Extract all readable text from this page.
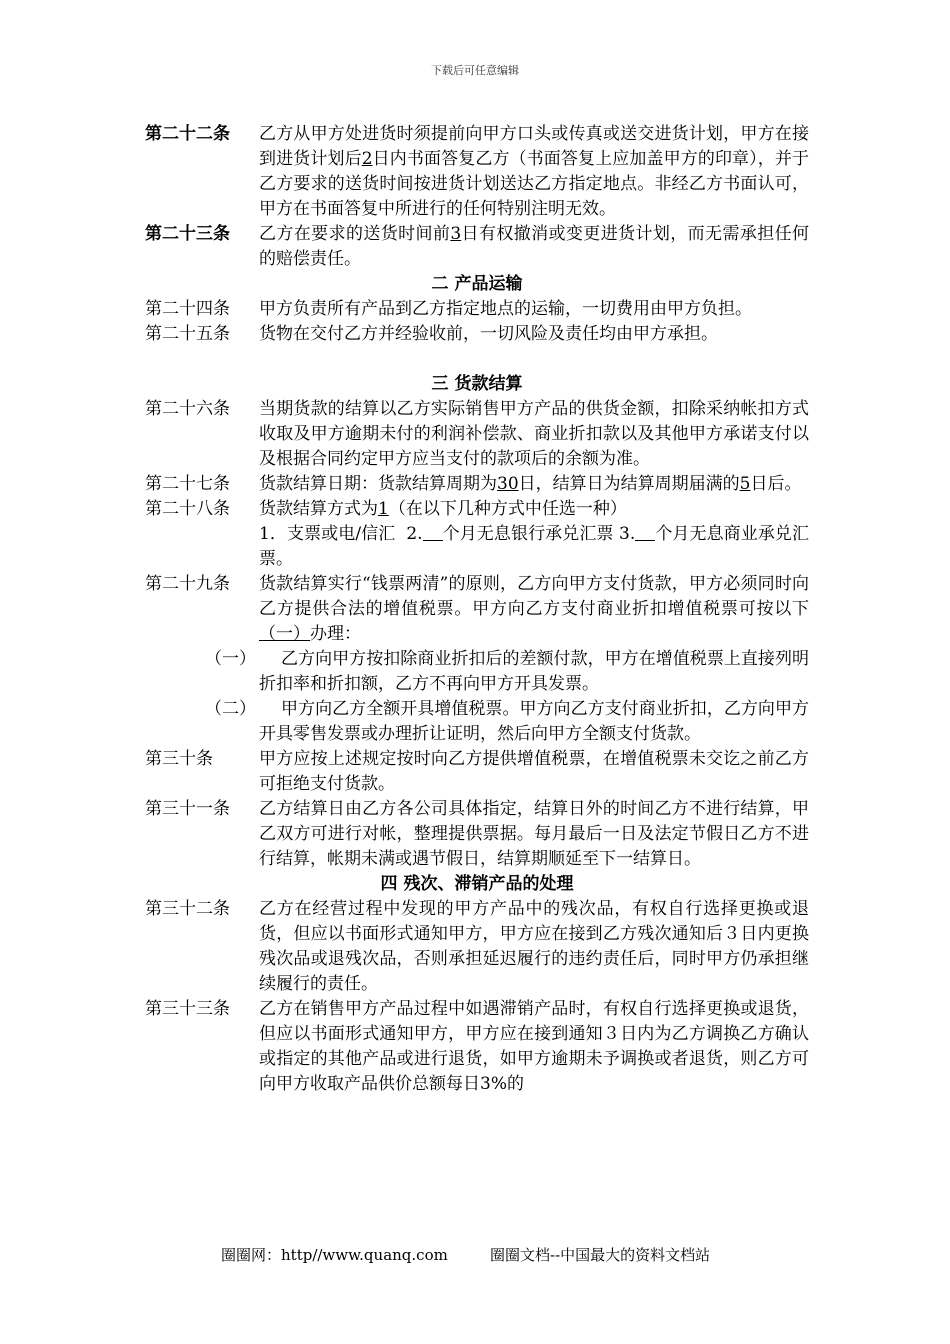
下载后可任意编辑
第二十二条	乙方从甲方处进货时须提前向甲方口头或传真或送交进货计划，甲方在接到进货计划后2日内书面答复乙方（书面答复上应加盖甲方的印章），并于乙方要求的送货时间按进货计划送达乙方指定地点。非经乙方书面认可，甲方在书面答复中所进行的任何特别注明无效。
第二十三条	乙方在要求的送货时间前3日有权撤消或变更进货计划，而无需承担任何的赔偿责任。
二 产品运输
第二十四条	甲方负责所有产品到乙方指定地点的运输，一切费用由甲方负担。
第二十五条	货物在交付乙方并经验收前，一切风险及责任均由甲方承担。
三 货款结算
第二十六条	当期货款的结算以乙方实际销售甲方产品的供货金额，扣除采纳帐扣方式收取及甲方逾期未付的利润补偿款、商业折扣款以及其他甲方承诺支付以及根据合同约定甲方应当支付的款项后的余额为准。
第二十七条	货款结算日期：货款结算周期为30日，结算日为结算周期届满的5日后。
第二十八条	货款结算方式为1（在以下几种方式中任选一种）
1．支票或电/信汇 2. 个月无息银行承兑汇票 3. 个月无息商业承兑汇票。
第二十九条	货款结算实行“钱票两清”的原则，乙方向甲方支付货款，甲方必须同时向乙方提供合法的增值税票。甲方向乙方支付商业折扣增值税票可按以下（一）办理：
（一） 乙方向甲方按扣除商业折扣后的差额付款，甲方在增值税票上直接列明折扣率和折扣额，乙方不再向甲方开具发票。
（二） 甲方向乙方全额开具增值税票。甲方向乙方支付商业折扣，乙方向甲方开具零售发票或办理折让证明，然后向甲方全额支付货款。
第三十条	甲方应按上述规定按时向乙方提供增值税票，在增值税票未交讫之前乙方可拒绝支付货款。
第三十一条	乙方结算日由乙方各公司具体指定，结算日外的时间乙方不进行结算，甲乙双方可进行对帐，整理提供票据。每月最后一日及法定节假日乙方不进行结算，帐期未满或遇节假日，结算期顺延至下一结算日。
四 残次、滞销产品的处理
第三十二条	乙方在经营过程中发现的甲方产品中的残次品，有权自行选择更换或退货，但应以书面形式通知甲方，甲方应在接到乙方残次通知后３日内更换残次品或退残次品，否则承担延迟履行的违约责任后，同时甲方仍承担继续履行的责任。
第三十三条	乙方在销售甲方产品过程中如遇滞销产品时，有权自行选择更换或退货，但应以书面形式通知甲方，甲方应在接到通知３日内为乙方调换乙方确认或指定的其他产品或进行退货，如甲方逾期未予调换或者退货，则乙方可向甲方收取产品供价总额每日3%的
圈圈网：http//www.quanq.com	圈圈文档--中国最大的资料文档站
